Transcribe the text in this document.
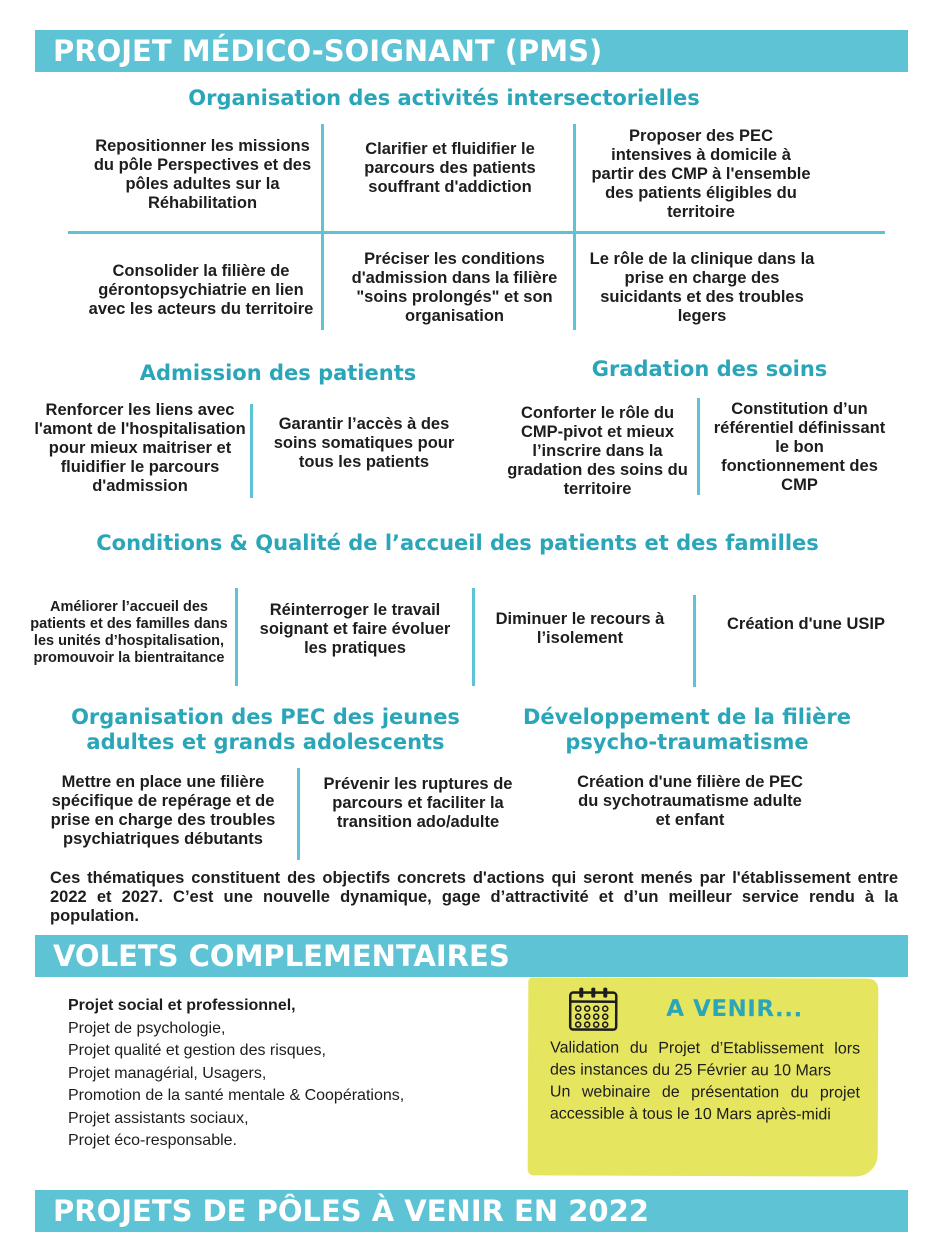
PROJET MÉDICO-SOIGNANT (PMS)
Organisation des activités intersectorielles
Repositionner les missions du pôle Perspectives et des pôles adultes sur la Réhabilitation
Clarifier et fluidifier le parcours des patients souffrant d'addiction
Proposer des PEC intensives à domicile à partir des CMP à l'ensemble des patients éligibles du territoire
Consolider la filière de gérontopsychiatrie en lien avec les acteurs du territoire
Préciser les conditions d'admission dans la filière "soins prolongés" et son organisation
Le rôle de la clinique dans la prise en charge des suicidants et des troubles legers
Admission des patients
Renforcer les liens avec l'amont de l'hospitalisation pour mieux maitriser et fluidifier le parcours d'admission
Garantir l’accès à des soins somatiques pour tous les patients
Gradation des soins
Conforter le rôle du CMP-pivot et mieux l’inscrire dans la gradation des soins du territoire
Constitution d’un référentiel définissant le bon fonctionnement des CMP
Conditions & Qualité de l’accueil des patients et des familles
Améliorer l’accueil des patients et des familles dans les unités d’hospitalisation, promouvoir la bientraitance
Réinterroger le travail soignant et faire évoluer les pratiques
Diminuer le recours à l’isolement
Création d'une USIP
Organisation des PEC des jeunes
adultes et grands adolescents
Mettre en place une filière spécifique de repérage et de prise en charge des troubles psychiatriques débutants
Prévenir les ruptures de parcours et faciliter la transition ado/adulte
Développement de la filière
psycho-traumatisme
Création d'une filière de PEC du sychotraumatisme adulte et enfant
Ces thématiques constituent des objectifs concrets d'actions qui seront menés par l'établissement entre 2022 et 2027. C’est une nouvelle dynamique, gage d’attractivité et d’un meilleur service rendu à la population.
VOLETS COMPLEMENTAIRES
Projet social et professionnel,
Projet de psychologie,
Projet qualité et gestion des risques,
Projet managérial, Usagers,
Promotion de la santé mentale & Coopérations,
Projet assistants sociaux,
Projet éco-responsable.
A VENIR...
Validation du Projet d’Etablissement lors des instances du 25 Février au 10 Mars
Un webinaire de présentation du projet accessible à tous le 10 Mars après-midi
PROJETS DE PÔLES À VENIR EN 2022
